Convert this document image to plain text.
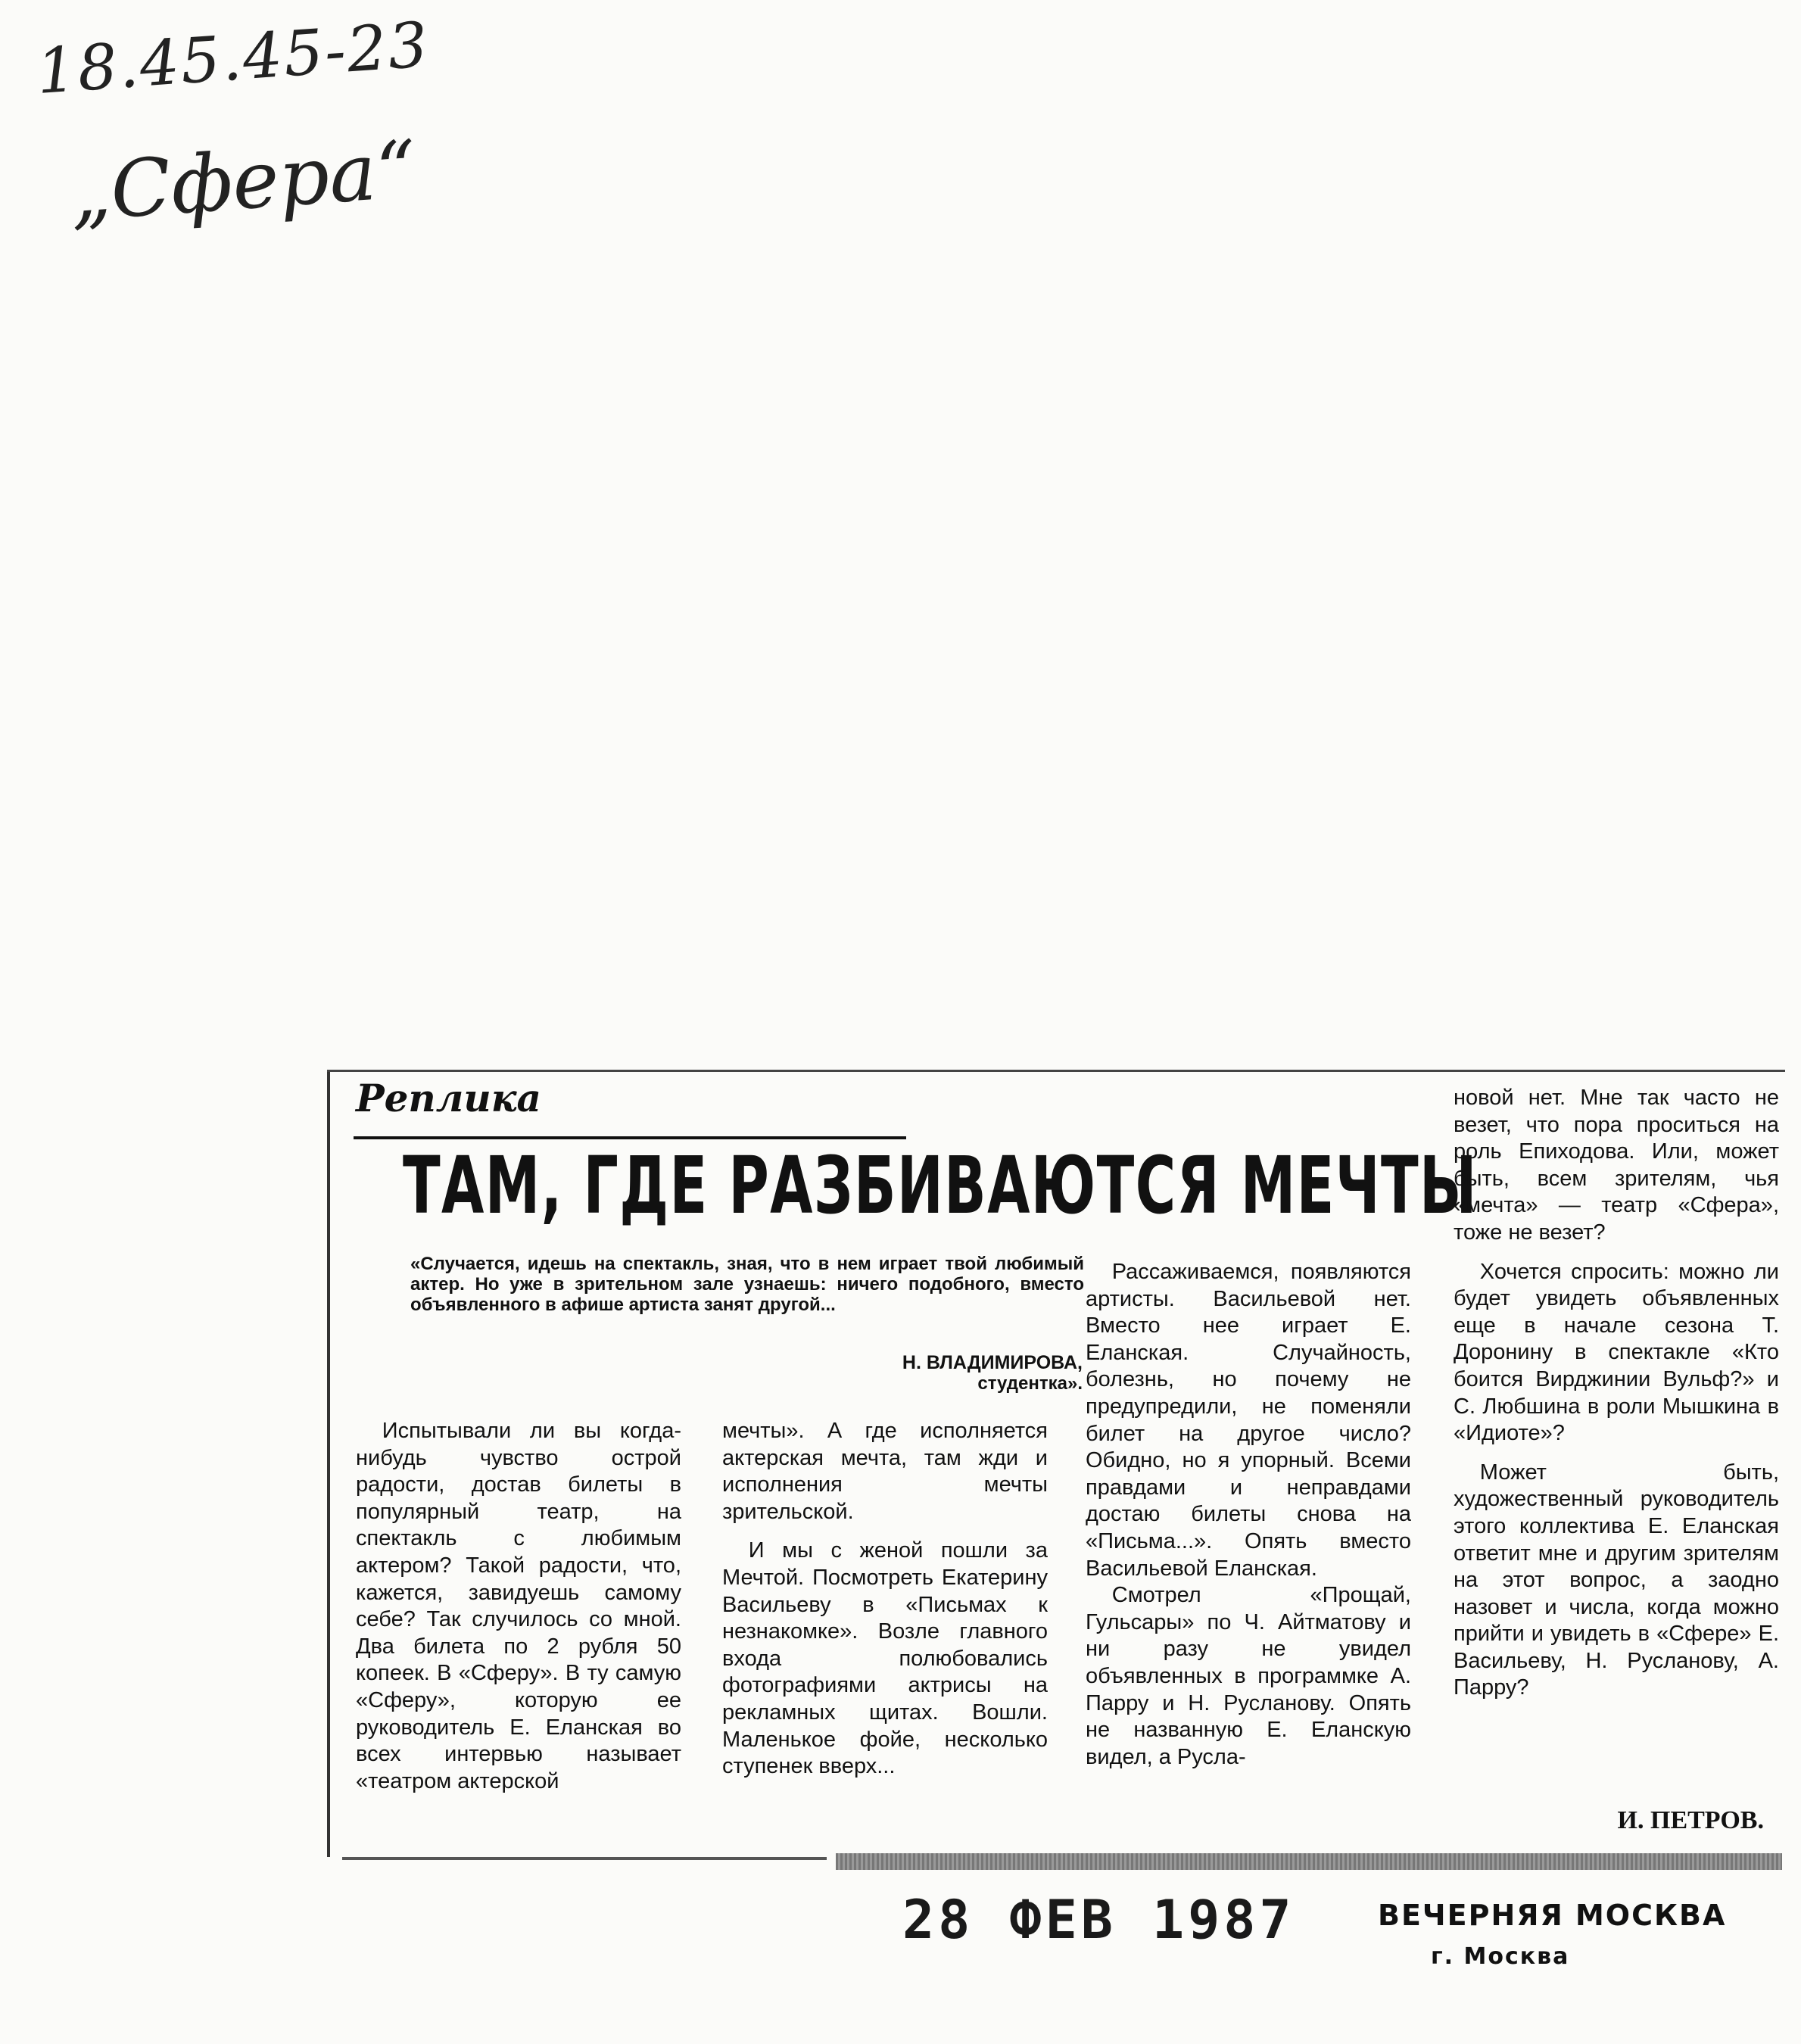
18.45.45-23
„Сфера“
Реплика
ТАМ, ГДЕ РАЗБИВАЮТСЯ МЕЧТЫ

«Случается, идешь на спектакль, зная, что в нем играет твой любимый актер. Но уже в зрительном зале узнаешь: ничего подобного, вместо объявленного в афише артиста занят другой...

Н. ВЛАДИМИРОВА,

студентка».

Испытывали ли вы когда-нибудь чувство острой радости, достав билеты в популярный театр, на спектакль с любимым актером? Такой радости, что, кажется, завидуешь самому себе? Так случилось со мной. Два билета по 2 рубля 50 копеек. В «Сферу». В ту самую «Сферу», которую ее руководитель Е. Еланская во всех интервью называет «театром актерской

мечты». А где исполняется актерская мечта, там жди и исполнения мечты зрительской.

И мы с женой пошли за Мечтой. Посмотреть Екатерину Васильеву в «Письмах к незнакомке». Возле главного входа полюбовались фотографиями актрисы на рекламных щитах. Вошли. Маленькое фойе, несколько ступенек вверх...

Рассаживаемся, появляются артисты. Васильевой нет. Вместо нее играет Е. Еланская. Случайность, болезнь, но почему не предупредили, не поменяли билет на другое число? Обидно, но я упорный. Всеми правдами и неправдами достаю билеты снова на «Письма...». Опять вместо Васильевой Еланская.

Смотрел «Прощай, Гульсары» по Ч. Айтматову и ни разу не увидел объявленных в программке А. Парру и Н. Русланову. Опять не названную Е. Еланскую видел, а Русла-

новой нет. Мне так часто не везет, что пора проситься на роль Епиходова. Или, может быть, всем зрителям, чья «мечта» — театр «Сфера», тоже не везет?

Хочется спросить: можно ли будет увидеть объявленных еще в начале сезона Т. Доронину в спектакле «Кто боится Вирджинии Вульф?» и С. Любшина в роли Мышкина в «Идиоте»?

Может быть, художественный руководитель этого коллектива Е. Еланская ответит мне и другим зрителям на этот вопрос, а заодно назовет и числа, когда можно прийти и увидеть в «Сфере» Е. Васильеву, Н. Русланову, А. Парру?

И. ПЕТРОВ.

28 ФЕВ 1987	ВЕЧЕРНЯЯ МОСКВА

г. Москва
